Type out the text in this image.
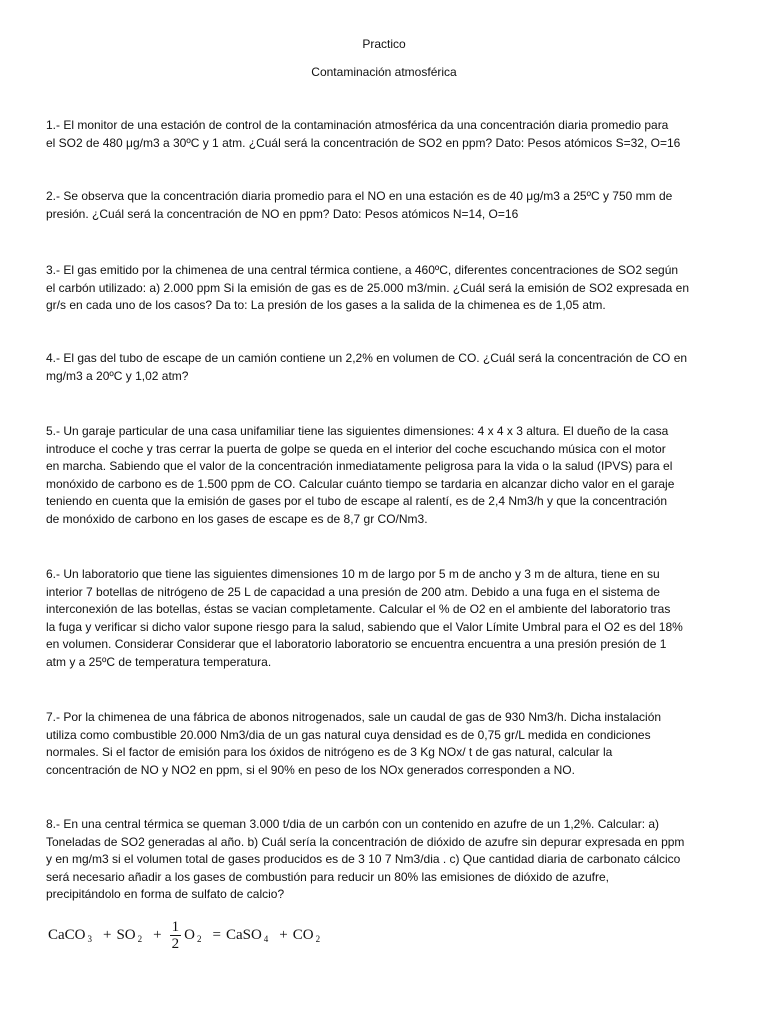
Practico
Contaminación atmosférica
1.- El monitor de una estación de control de la contaminación atmosférica da una concentración diaria promedio para
el SO2 de 480 μg/m3 a 30ºC y 1 atm. ¿Cuál será la concentración de SO2 en ppm? Dato: Pesos atómicos S=32, O=16
2.- Se observa que la concentración diaria promedio para el NO en una estación es de 40 μg/m3 a 25ºC y 750 mm de
presión. ¿Cuál será la concentración de NO en ppm? Dato: Pesos atómicos N=14, O=16
3.- El gas emitido por la chimenea de una central térmica contiene, a 460ºC, diferentes concentraciones de SO2 según
el carbón utilizado: a) 2.000 ppm Si la emisión de gas es de 25.000 m3/min. ¿Cuál será la emisión de SO2 expresada en
gr/s en cada uno de los casos? Da to: La presión de los gases a la salida de la chimenea es de 1,05 atm.
4.- El gas del tubo de escape de un camión contiene un 2,2% en volumen de CO. ¿Cuál será la concentración de CO en
mg/m3 a 20ºC y 1,02 atm?
5.- Un garaje particular de una casa unifamiliar tiene las siguientes dimensiones: 4 x 4 x 3 altura. El dueño de la casa
introduce el coche y tras cerrar la puerta de golpe se queda en el interior del coche escuchando música con el motor
en marcha. Sabiendo que el valor de la concentración inmediatamente peligrosa para la vida o la salud (IPVS) para el
monóxido de carbono es de 1.500 ppm de CO. Calcular cuánto tiempo se tardaria en alcanzar dicho valor en el garaje
teniendo en cuenta que la emisión de gases por el tubo de escape al ralentí, es de 2,4 Nm3/h y que la concentración
de monóxido de carbono en los gases de escape es de 8,7 gr CO/Nm3.
6.- Un laboratorio que tiene las siguientes dimensiones 10 m de largo por 5 m de ancho y 3 m de altura, tiene en su
interior 7 botellas de nitrógeno de 25 L de capacidad a una presión de 200 atm. Debido a una fuga en el sistema de
interconexión de las botellas, éstas se vacian completamente. Calcular el % de O2 en el ambiente del laboratorio tras
la fuga y verificar si dicho valor supone riesgo para la salud, sabiendo que el Valor Límite Umbral para el O2 es del 18%
en volumen. Considerar Considerar que el laboratorio laboratorio se encuentra encuentra a una presión presión de 1
atm y a 25ºC de temperatura temperatura.
7.- Por la chimenea de una fábrica de abonos nitrogenados, sale un caudal de gas de 930 Nm3/h. Dicha instalación
utiliza como combustible 20.000 Nm3/dia de un gas natural cuya densidad es de 0,75 gr/L medida en condiciones
normales. Si el factor de emisión para los óxidos de nitrógeno es de 3 Kg NOx/ t de gas natural, calcular la
concentración de NO y NO2 en ppm, si el 90% en peso de los NOx generados corresponden a NO.
8.- En una central térmica se queman 3.000 t/dia de un carbón con un contenido en azufre de un 1,2%. Calcular: a)
Toneladas de SO2 generadas al año. b) Cuál sería la concentración de dióxido de azufre sin depurar expresada en ppm
y en mg/m3 si el volumen total de gases producidos es de 3 10 7 Nm3/dia . c) Que cantidad diaria de carbonato cálcico
será necesario añadir a los gases de combustión para reducir un 80% las emisiones de dióxido de azufre,
precipitándolo en forma de sulfato de calcio?
CaCO 3 + SO $2 + \frac{1}{2}$ O 2 = CaSO 4 + CO 2
